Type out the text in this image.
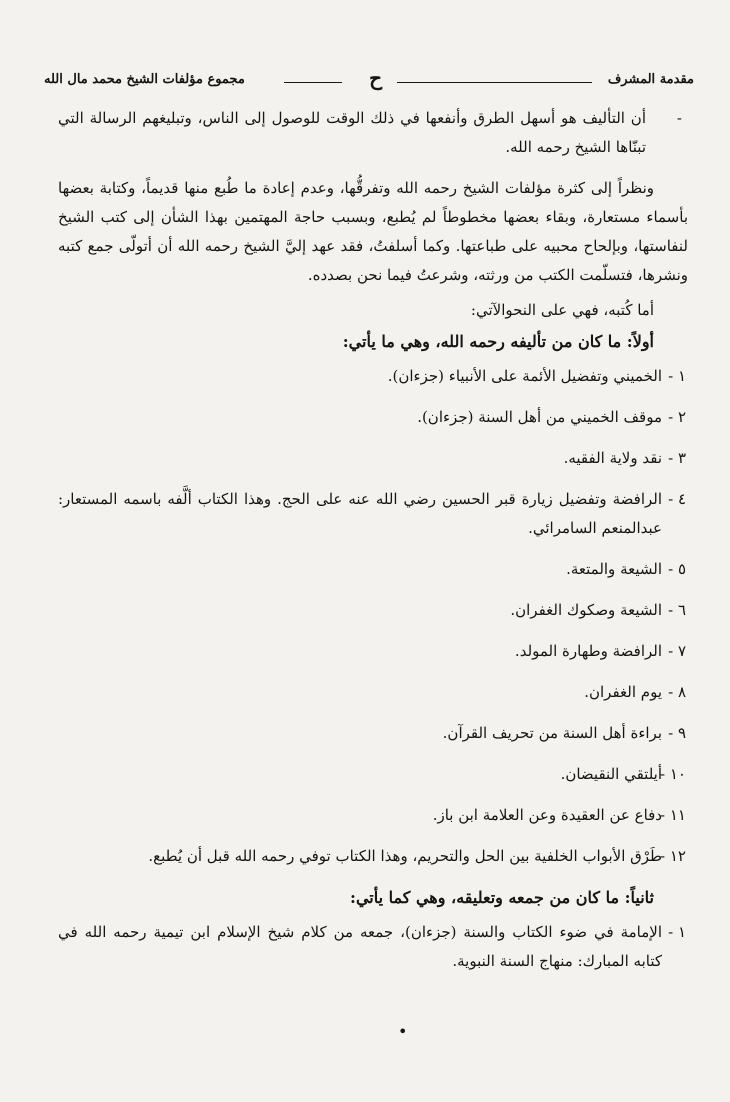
مقدمة المشرف
ح
مجموع مؤلفات الشيخ محمد مال الله
-

أن التأليف هو أسهل الطرق وأنفعها في ذلك الوقت للوصول إلى الناس، وتبليغهم الرسالة التي تبنّاها الشيخ رحمه الله.

ونظراً إلى كثرة مؤلفات الشيخ رحمه الله وتفرقُّها، وعدم إعادة ما طُبع منها قديماً، وكتابة بعضها بأسماء مستعارة، وبقاء بعضها مخطوطاً لم يُطبع، وبسبب حاجة المهتمين بهذا الشأن إلى كتب الشيخ لنفاستها، وبإلحاح محبيه على طباعتها. وكما أسلفتُ، فقد عهد إليَّ الشيخ رحمه الله أن أتولّى جمع كتبه ونشرها، فتسلّمت الكتب من ورثته، وشرعتُ فيما نحن بصدده.

أما كُتبه، فهي على النحوالآتي:

أولاً: ما كان من تأليفه رحمه الله، وهي ما يأتي:

١ -

الخميني وتفضيل الأئمة على الأنبياء (جزءان).

٢ -

موقف الخميني من أهل السنة (جزءان).

٣ -

نقد ولاية الفقيه.

٤ -

الرافضة وتفضيل زيارة قبر الحسين رضي الله عنه على الحج. وهذا الكتاب ألَّفه باسمه المستعار: عبدالمنعم السامرائي.

٥ -

الشيعة والمتعة.

٦ -

الشيعة وصكوك الغفران.

٧ -

الرافضة وطهارة المولد.

٨ -

يوم الغفران.

٩ -

براءة أهل السنة من تحريف القرآن.

١٠ -

أيلتقي النقيضان.

١١ -

دفاع عن العقيدة وعن العلامة ابن باز.

١٢ -

طَرْق الأبواب الخلفية بين الحل والتحريم، وهذا الكتاب توفي رحمه الله قبل أن يُطبع.

ثانياً: ما كان من جمعه وتعليقه، وهي كما يأتي:

١ -

الإمامة في ضوء الكتاب والسنة (جزءان)، جمعه من كلام شيخ الإسلام ابن تيمية رحمه الله في كتابه المبارك: منهاج السنة النبوية.

•
